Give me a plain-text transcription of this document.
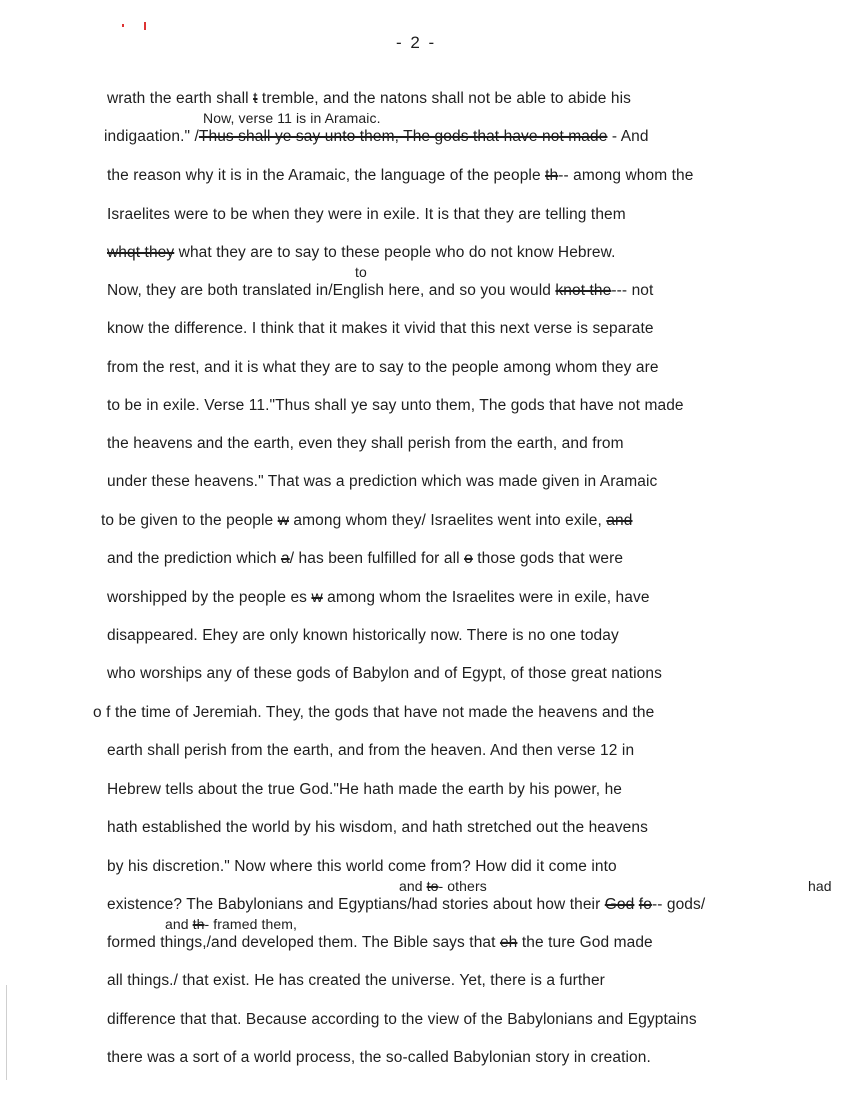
- 2 -
wrath the earth shall t tremble, and the natons shall not be able to abide his
Now, verse 11 is in Aramaic.
indigaation." /Thus shall ye say unto them, The gods that have not made - And
the reason why it is in the Aramaic, the language of the people th-- among whom the
Israelites were to be when they were in exile. It is that they are telling them
whqt they what they are to say to these people who do not know Hebrew.
to
Now, they are both translated in/English here, and so you would knot the--- not
know the difference. I think that it makes it vivid that this next verse is separate
from the rest, and it is what they are to say to the people among whom they are
to be in exile. Verse 11."Thus shall ye say unto them, The gods that have not made
the heavens and the earth, even they shall perish from the earth, and from
under these heavens." That was a prediction which was made given in Aramaic
to be given to the people w among whom they/ Israelites went into exile, and
and the prediction which a/ has been fulfilled for all o those gods that were
worshipped by the people es w among whom the Israelites were in exile, have
disappeared. Ehey are only known historically now. There is no one today
who worships any of these gods of Babylon and of Egypt, of those great nations
o f the time of Jeremiah. They, the gods that have not made the heavens and the
earth shall perish from the earth, and from the heaven. And then verse 12 in
Hebrew tells about the true God."He hath made the earth by his power, he
hath established the world by his wisdom, and hath stretched out the heavens
by his discretion." Now where this world come from? How did it come into
and to- others	had
existence? The Babylonians and Egyptians/had stories about how their God fo-- gods/
and th- framed them,
formed things,/and developed them. The Bible says that eh the ture God made
all things./ that exist. He has created the universe. Yet, there is a further
difference that that. Because according to the view of the Babylonians and Egyptains
there was a sort of a world process, the so-called Babylonian story in creation.
